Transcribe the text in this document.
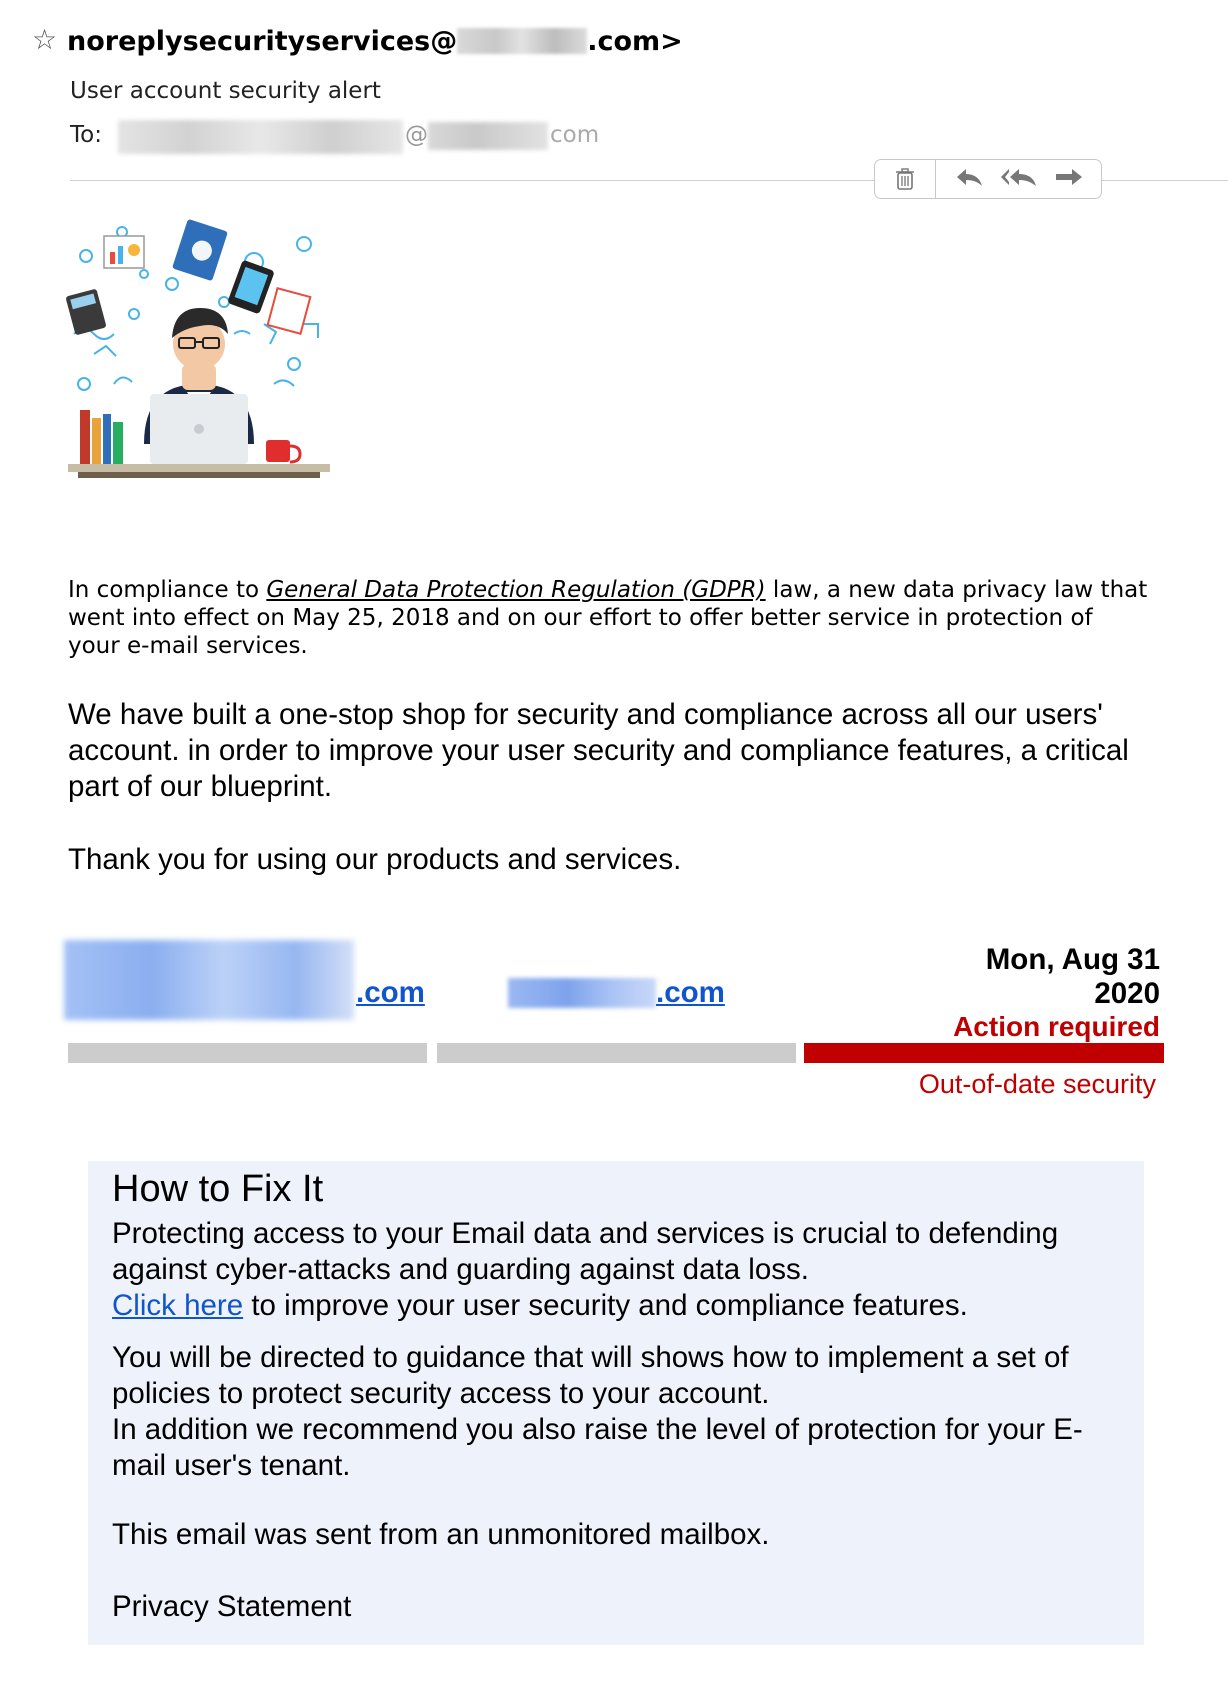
☆ noreplysecurityservices@	.com>
User account security alert
To:	@	com
In compliance to General Data Protection Regulation (GDPR) law, a new data privacy law that went into effect on May 25, 2018 and on our effort to offer better service in protection of your e-mail services.
We have built a one-stop shop for security and compliance across all our users' account. in order to improve your user security and compliance features, a critical part of our blueprint.
Thank you for using our products and services.
.com	.com
Mon, Aug 31
2020
Action required
Out-of-date security
How to Fix It
Protecting access to your Email data and services is crucial to defending against cyber-attacks and guarding against data loss.
Click here to improve your user security and compliance features.
You will be directed to guidance that will shows how to implement a set of policies to protect security access to your account.
In addition we recommend you also raise the level of protection for your E-mail user's tenant.
This email was sent from an unmonitored mailbox.
Privacy Statement
